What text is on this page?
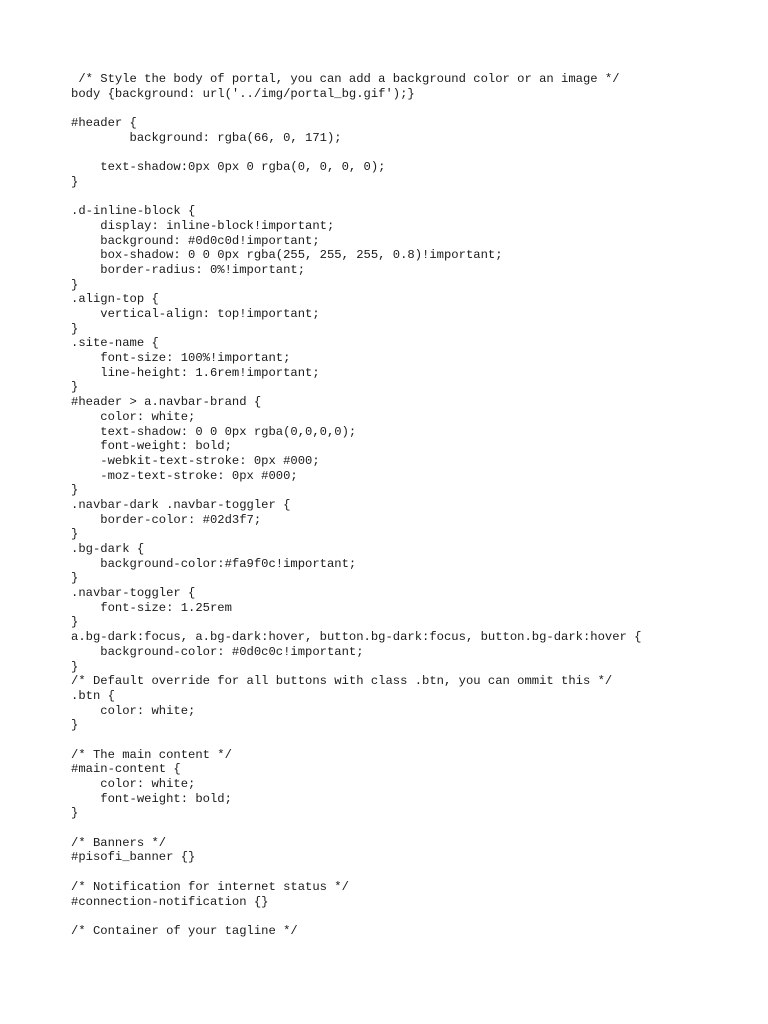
/* Style the body of portal, you can add a background color or an image */
body {background: url('../img/portal_bg.gif');}
#header {
background: rgba(66, 0, 171);
text-shadow:0px 0px 0 rgba(0, 0, 0, 0);
}
.d-inline-block {
display: inline-block!important;
background: #0d0c0d!important;
box-shadow: 0 0 0px rgba(255, 255, 255, 0.8)!important;
border-radius: 0%!important;
}
.align-top {
vertical-align: top!important;
}
.site-name {
font-size: 100%!important;
line-height: 1.6rem!important;
}
#header > a.navbar-brand {
color: white;
text-shadow: 0 0 0px rgba(0,0,0,0);
font-weight: bold;
-webkit-text-stroke: 0px #000;
-moz-text-stroke: 0px #000;
}
.navbar-dark .navbar-toggler {
border-color: #02d3f7;
}
.bg-dark {
background-color:#fa9f0c!important;
}
.navbar-toggler {
font-size: 1.25rem
}
a.bg-dark:focus, a.bg-dark:hover, button.bg-dark:focus, button.bg-dark:hover {
background-color: #0d0c0c!important;
}
/* Default override for all buttons with class .btn, you can ommit this */
.btn {
color: white;
}
/* The main content */
#main-content {
color: white;
font-weight: bold;
}
/* Banners */
#pisofi_banner {}
/* Notification for internet status */
#connection-notification {}
/* Container of your tagline */
